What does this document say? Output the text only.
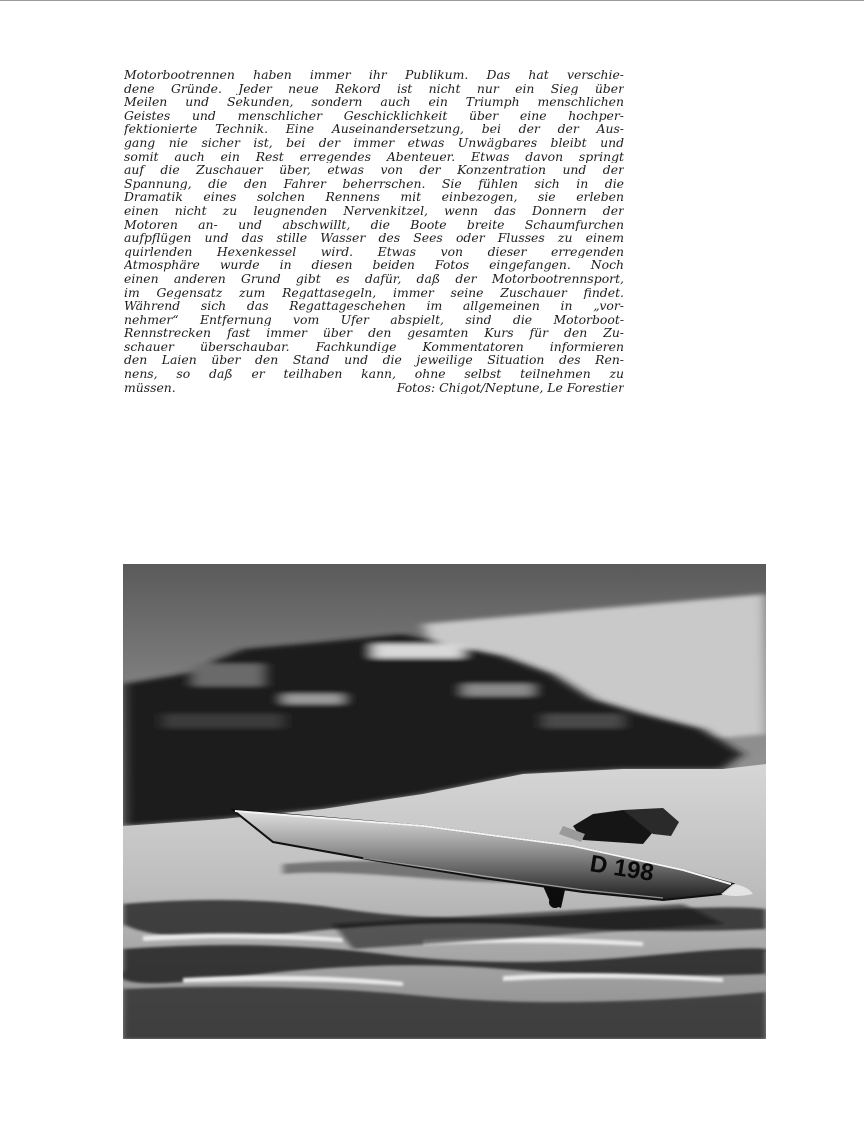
Motorbootrennen haben immer ihr Publikum. Das hat verschie-
dene Gründe. Jeder neue Rekord ist nicht nur ein Sieg über
Meilen und Sekunden, sondern auch ein Triumph menschlichen
Geistes und menschlicher Geschicklichkeit über eine hochper-
fektionierte Technik. Eine Auseinandersetzung, bei der der Aus-
gang nie sicher ist, bei der immer etwas Unwägbares bleibt und
somit auch ein Rest erregendes Abenteuer. Etwas davon springt
auf die Zuschauer über, etwas von der Konzentration und der
Spannung, die den Fahrer beherrschen. Sie fühlen sich in die
Dramatik eines solchen Rennens mit einbezogen, sie erleben
einen nicht zu leugnenden Nervenkitzel, wenn das Donnern der
Motoren an- und abschwillt, die Boote breite Schaumfurchen
aufpflügen und das stille Wasser des Sees oder Flusses zu einem
quirlenden Hexenkessel wird. Etwas von dieser erregenden
Atmosphäre wurde in diesen beiden Fotos eingefangen. Noch
einen anderen Grund gibt es dafür, daß der Motorbootrennsport,
im Gegensatz zum Regattasegeln, immer seine Zuschauer findet.
Während sich das Regattageschehen im allgemeinen in „vor-
nehmer“ Entfernung vom Ufer abspielt, sind die Motorboot-
Rennstrecken fast immer über den gesamten Kurs für den Zu-
schauer überschaubar. Fachkundige Kommentatoren informieren
den Laien über den Stand und die jeweilige Situation des Ren-
nens, so daß er teilhaben kann, ohne selbst teilnehmen zu
müssen.	Fotos: Chigot/Neptune, Le Forestier
D 198
